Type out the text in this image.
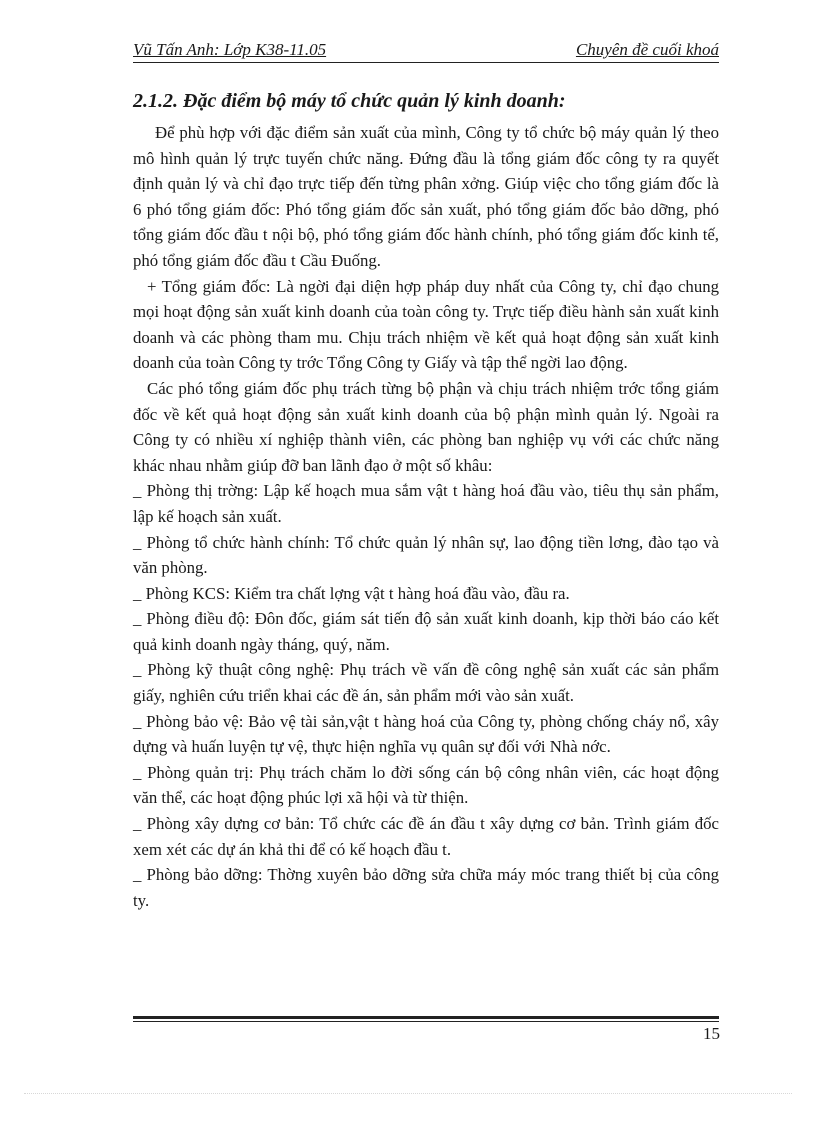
Vũ Tấn Anh: Lớp K38-11.05	Chuyên đề cuối khoá
2.1.2. Đặc điểm bộ máy tổ chức quản lý kinh doanh:

Để phù hợp với đặc điểm sản xuất của mình, Công ty tổ chức bộ máy quản lý theo mô hình quản lý trực tuyến chức năng. Đứng đầu là tổng giám đốc công ty ra quyết định quản lý và chỉ đạo trực tiếp đến từng phân xởng. Giúp việc cho tổng giám đốc là 6 phó tổng giám đốc: Phó tổng giám đốc sản xuất, phó tổng giám đốc bảo dỡng, phó tổng giám đốc đầu t nội bộ, phó tổng giám đốc hành chính, phó tổng giám đốc kinh tế, phó tổng giám đốc đầu t Cầu Đuống.

+ Tổng giám đốc: Là ngời đại diện hợp pháp duy nhất của Công ty, chỉ đạo chung mọi hoạt động sản xuất kinh doanh của toàn công ty. Trực tiếp điều hành sản xuất kinh doanh và các phòng tham mu. Chịu trách nhiệm về kết quả hoạt động sản xuất kinh doanh của toàn Công ty trớc Tổng Công ty Giấy và tập thể ngời lao động.

Các phó tổng giám đốc phụ trách từng bộ phận và chịu trách nhiệm trớc tổng giám đốc về kết quả hoạt động sản xuất kinh doanh của bộ phận mình quản lý. Ngoài ra Công ty có nhiều xí nghiệp thành viên, các phòng ban nghiệp vụ với các chức năng khác nhau nhằm giúp đỡ ban lãnh đạo ở một số khâu:

_ Phòng thị trờng: Lập kế hoạch mua sắm vật t hàng hoá đầu vào, tiêu thụ sản phẩm, lập kế hoạch sản xuất.

_ Phòng tổ chức hành chính: Tổ chức quản lý nhân sự, lao động tiền lơng, đào tạo và văn phòng.

_ Phòng KCS: Kiểm tra chất lợng vật t hàng hoá đầu vào, đầu ra.

_ Phòng điều độ: Đôn đốc, giám sát tiến độ sản xuất kinh doanh, kịp thời báo cáo kết quả kinh doanh ngày tháng, quý, năm.

_ Phòng kỹ thuật công nghệ: Phụ trách về vấn đề công nghệ sản xuất các sản phẩm giấy, nghiên cứu triển khai các đề án, sản phẩm mới vào sản xuất.

_ Phòng bảo vệ: Bảo vệ tài sản,vật t hàng hoá của Công ty, phòng chống cháy nổ, xây dựng và huấn luyện tự vệ, thực hiện nghĩa vụ quân sự đối với Nhà nớc.

_ Phòng quản trị: Phụ trách chăm lo đời sống cán bộ công nhân viên, các hoạt động văn thể, các hoạt động phúc lợi xã hội và từ thiện.

_ Phòng xây dựng cơ bản: Tổ chức các đề án đầu t xây dựng cơ bản. Trình giám đốc xem xét các dự án khả thi để có kế hoạch đầu t.

_ Phòng bảo dỡng: Thờng xuyên bảo dỡng sửa chữa máy móc trang thiết bị của công ty.

15
